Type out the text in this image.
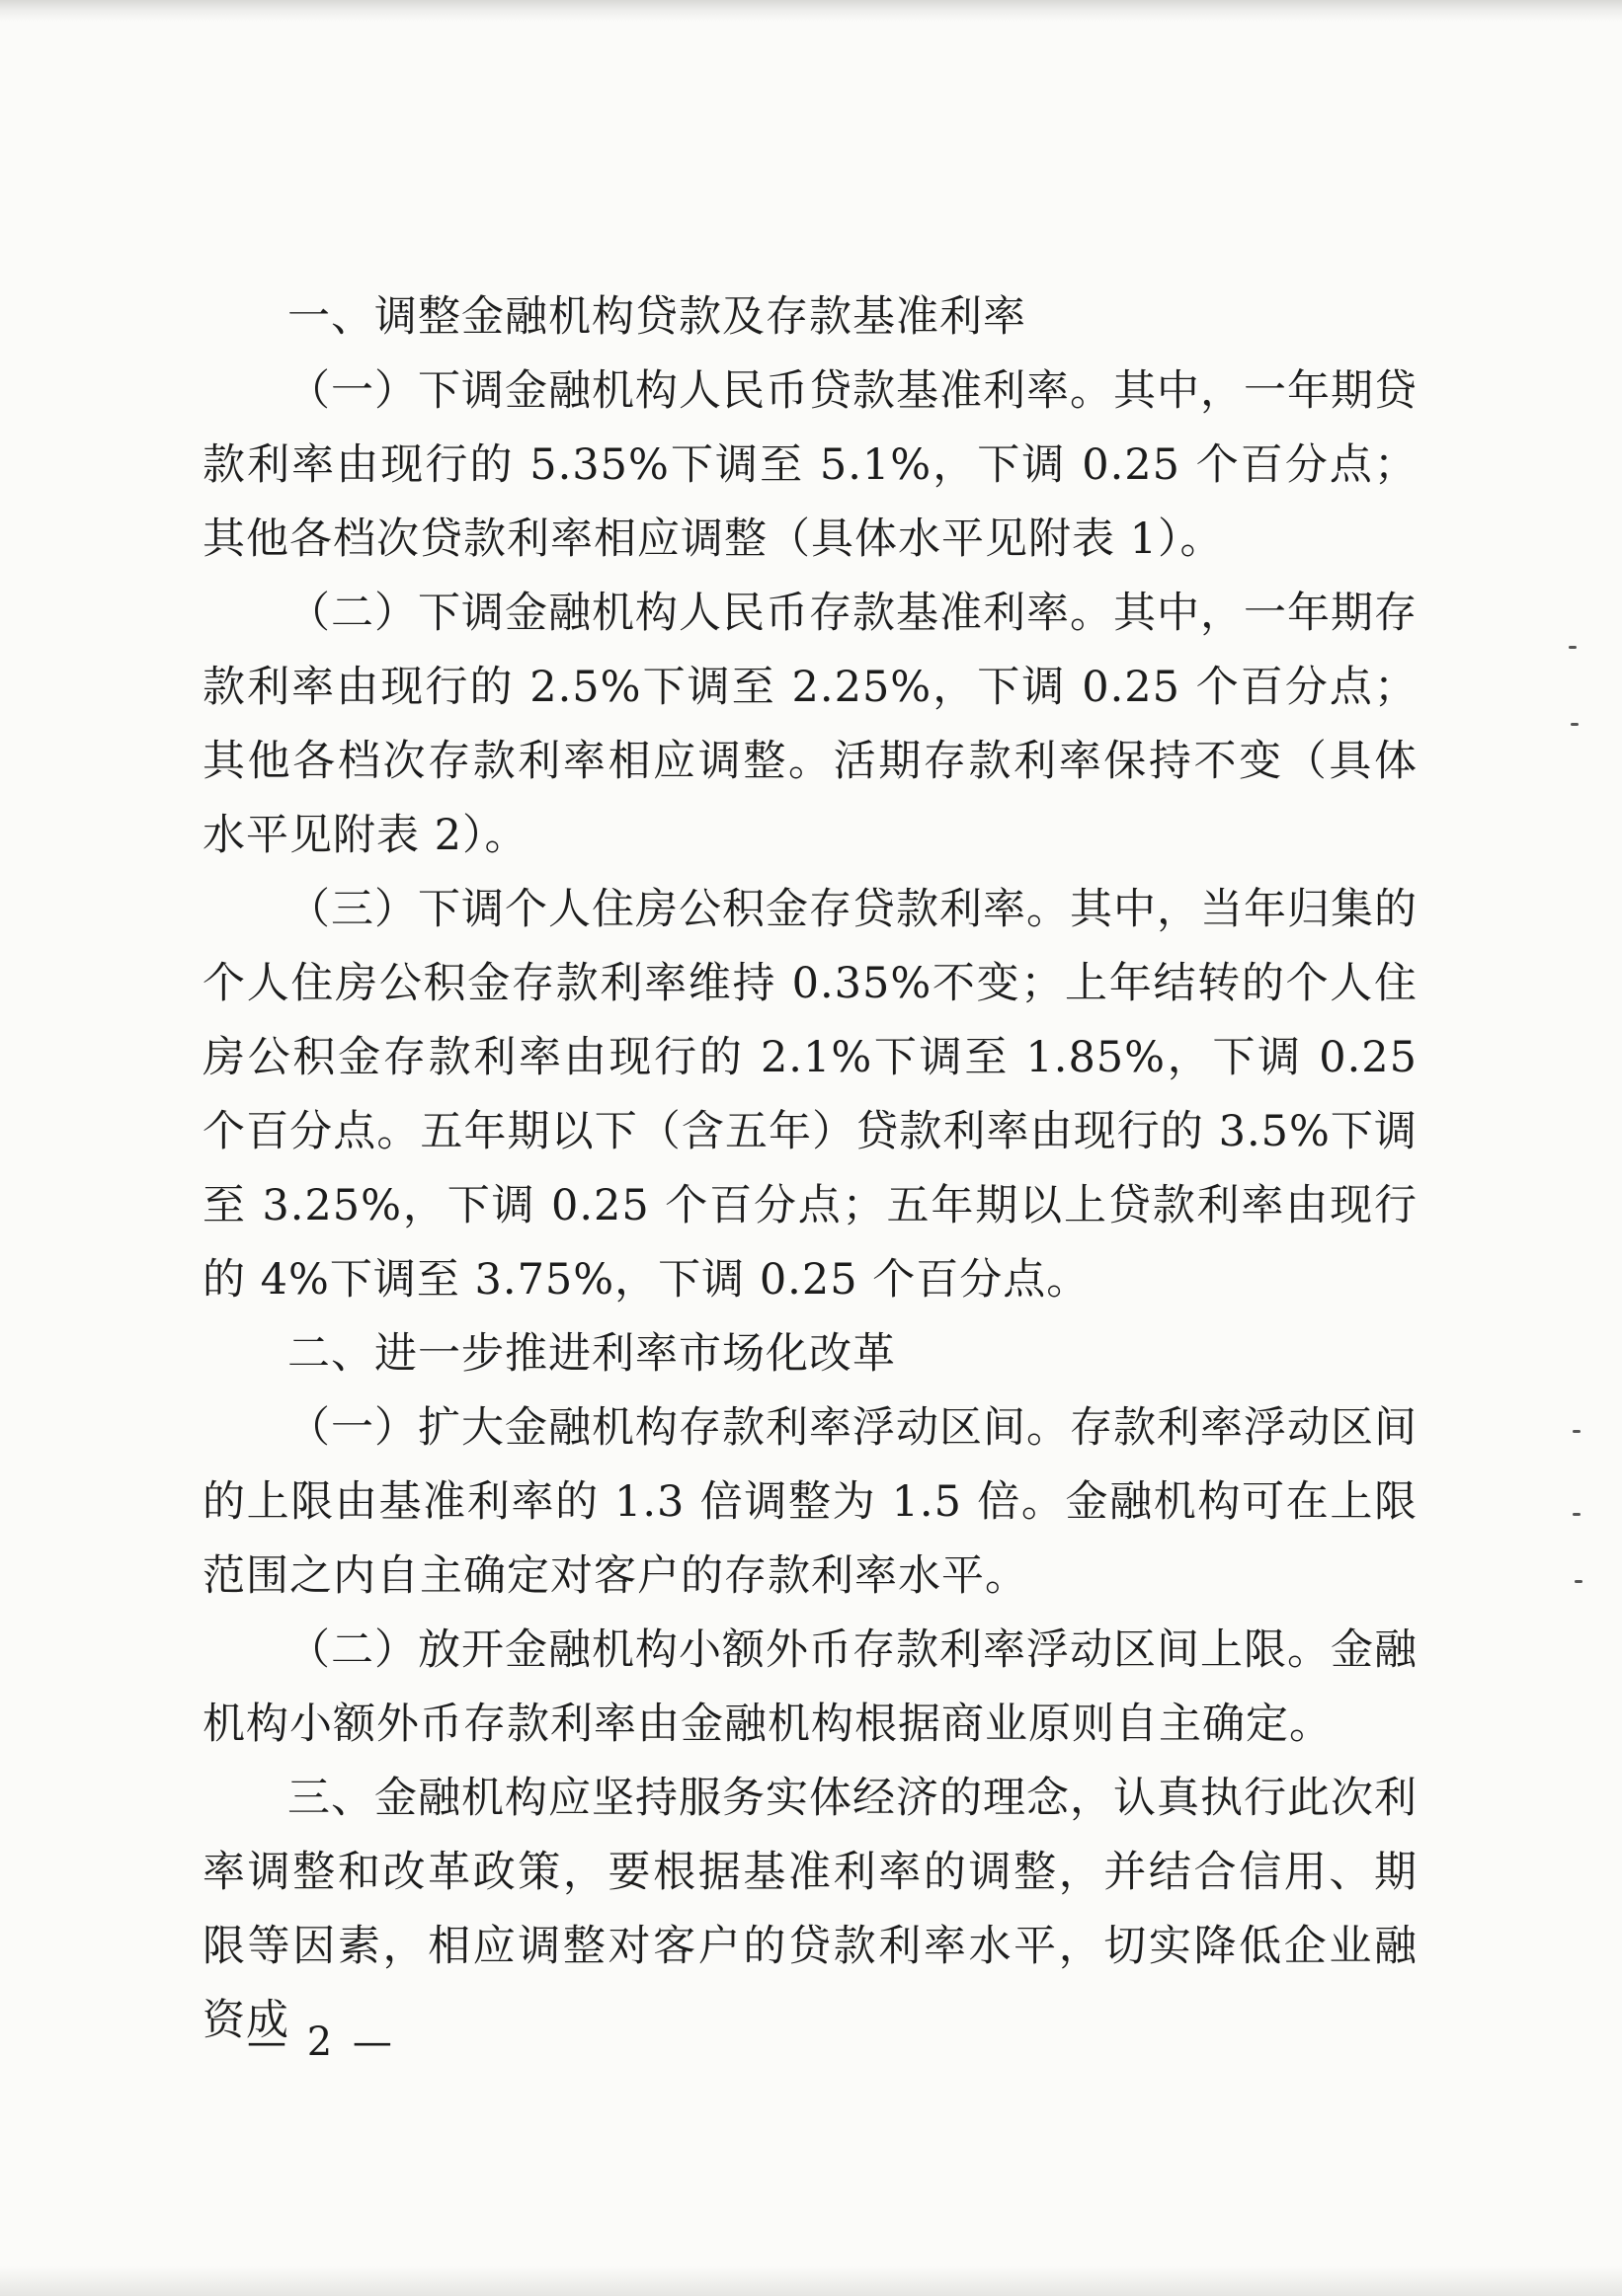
一、调整金融机构贷款及存款基准利率

（一）下调金融机构人民币贷款基准利率。其中，一年期贷款利率由现行的 5.35%下调至 5.1%，下调 0.25 个百分点；其他各档次贷款利率相应调整（具体水平见附表 1）。

（二）下调金融机构人民币存款基准利率。其中，一年期存款利率由现行的 2.5%下调至 2.25%，下调 0.25 个百分点；其他各档次存款利率相应调整。活期存款利率保持不变（具体水平见附表 2）。

（三）下调个人住房公积金存贷款利率。其中，当年归集的个人住房公积金存款利率维持 0.35%不变；上年结转的个人住房公积金存款利率由现行的 2.1%下调至 1.85%，下调 0.25 个百分点。五年期以下（含五年）贷款利率由现行的 3.5%下调至 3.25%，下调 0.25 个百分点；五年期以上贷款利率由现行的 4%下调至 3.75%，下调 0.25 个百分点。

二、进一步推进利率市场化改革

（一）扩大金融机构存款利率浮动区间。存款利率浮动区间的上限由基准利率的 1.3 倍调整为 1.5 倍。金融机构可在上限范围之内自主确定对客户的存款利率水平。

（二）放开金融机构小额外币存款利率浮动区间上限。金融机构小额外币存款利率由金融机构根据商业原则自主确定。

三、金融机构应坚持服务实体经济的理念，认真执行此次利率调整和改革政策，要根据基准利率的调整，并结合信用、期限等因素，相应调整对客户的贷款利率水平，切实降低企业融资成

— 2 —
